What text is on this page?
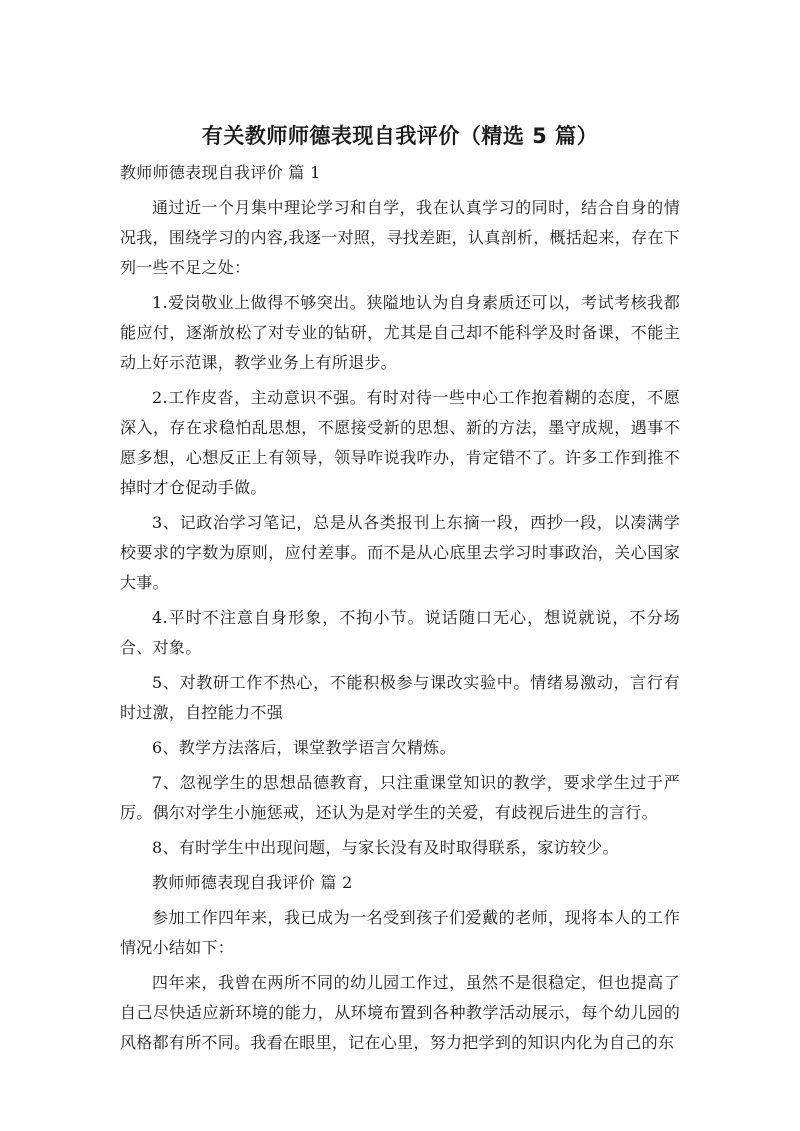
有关教师师德表现自我评价（精选 5 篇）

教师师德表现自我评价 篇 1

通过近一个月集中理论学习和自学，我在认真学习的同时，结合自身的情况我，围绕学习的内容,我逐一对照，寻找差距，认真剖析，概括起来，存在下列一些不足之处：

1.爱岗敬业上做得不够突出。狭隘地认为自身素质还可以，考试考核我都能应付，逐渐放松了对专业的钻研，尤其是自己却不能科学及时备课，不能主动上好示范课，教学业务上有所退步。

2.工作皮沓，主动意识不强。有时对待一些中心工作抱着糊的态度，不愿深入，存在求稳怕乱思想，不愿接受新的思想、新的方法，墨守成规，遇事不愿多想，心想反正上有领导，领导咋说我咋办，肯定错不了。许多工作到推不掉时才仓促动手做。

3、记政治学习笔记，总是从各类报刊上东摘一段，西抄一段，以凑满学校要求的字数为原则，应付差事。而不是从心底里去学习时事政治，关心国家大事。

4.平时不注意自身形象，不拘小节。说话随口无心，想说就说，不分场合、对象。

5、对教研工作不热心，不能积极参与课改实验中。情绪易激动，言行有时过激，自控能力不强

6、教学方法落后，课堂教学语言欠精炼。

7、忽视学生的思想品德教育，只注重课堂知识的教学，要求学生过于严厉。偶尔对学生小施惩戒，还认为是对学生的关爱，有歧视后进生的言行。

8、有时学生中出现问题，与家长没有及时取得联系，家访较少。

教师师德表现自我评价 篇 2

参加工作四年来，我已成为一名受到孩子们爱戴的老师，现将本人的工作情况小结如下：

四年来，我曾在两所不同的幼儿园工作过，虽然不是很稳定，但也提高了自己尽快适应新环境的能力，从环境布置到各种教学活动展示，每个幼儿园的风格都有所不同。我看在眼里，记在心里，努力把学到的知识内化为自己的东
